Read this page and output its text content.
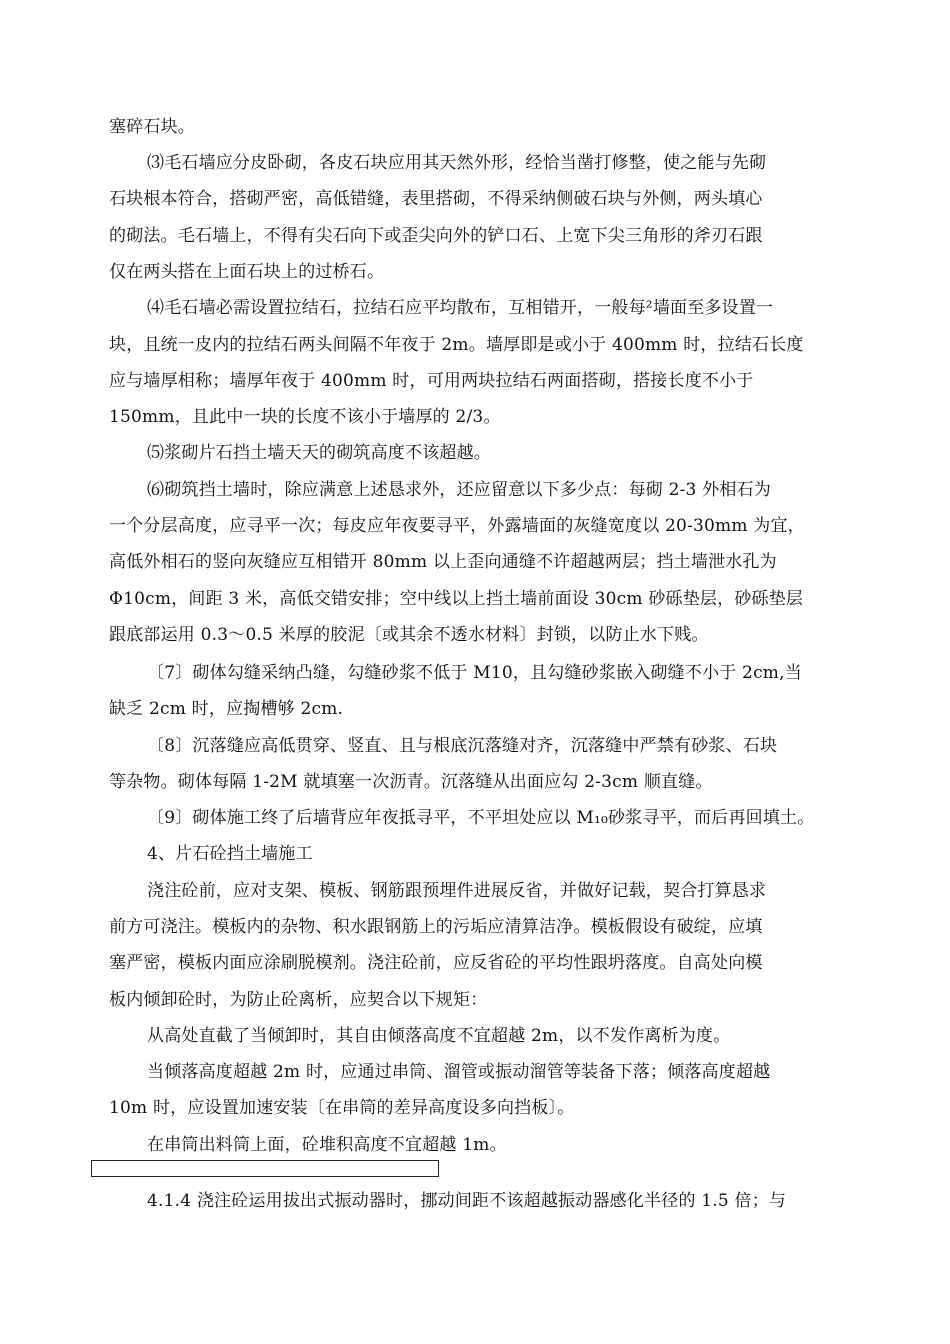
塞碎石块。
⑶毛石墙应分皮卧砌，各皮石块应用其天然外形，经恰当凿打修整，使之能与先砌
石块根本符合，搭砌严密，高低错缝，表里搭砌，不得采纳侧破石块与外侧，两头填心
的砌法。毛石墙上，不得有尖石向下或歪尖向外的铲口石、上宽下尖三角形的斧刃石跟
仅在两头搭在上面石块上的过桥石。
⑷毛石墙必需设置拉结石，拉结石应平均散布，互相错开，一般每²墙面至多设置一
块，且统一皮内的拉结石两头间隔不年夜于 2m。墙厚即是或小于 400mm 时，拉结石长度
应与墙厚相称；墙厚年夜于 400mm 时，可用两块拉结石两面搭砌，搭接长度不小于
150mm，且此中一块的长度不该小于墙厚的 2/3。
⑸浆砌片石挡土墙天天的砌筑高度不该超越。
⑹砌筑挡土墙时，除应满意上述恳求外，还应留意以下多少点：每砌 2-3 外相石为
一个分层高度，应寻平一次；每皮应年夜要寻平，外露墙面的灰缝宽度以 20-30mm 为宜，
高低外相石的竖向灰缝应互相错开 80mm 以上歪向通缝不许超越两层；挡土墙泄水孔为
Φ10cm，间距 3 米，高低交错安排；空中线以上挡土墙前面设 30cm 砂砾垫层，砂砾垫层
跟底部运用 0.3～0.5 米厚的胶泥〔或其余不透水材料〕封锁，以防止水下贱。
〔7〕砌体勾缝采纳凸缝，勾缝砂浆不低于 M10，且勾缝砂浆嵌入砌缝不小于 2cm,当
缺乏 2cm 时，应掏槽够 2cm.
〔8〕沉落缝应高低贯穿、竖直、且与根底沉落缝对齐，沉落缝中严禁有砂浆、石块
等杂物。砌体每隔 1-2M 就填塞一次沥青。沉落缝从出面应勾 2-3cm 顺直缝。
〔9〕砌体施工终了后墙背应年夜抵寻平，不平坦处应以 M₁₀砂浆寻平，而后再回填土。
4、片石砼挡土墙施工
浇注砼前，应对支架、模板、钢筋跟预埋件进展反省，并做好记载，契合打算恳求
前方可浇注。模板内的杂物、积水跟钢筋上的污垢应清算洁净。模板假设有破绽，应填
塞严密，模板内面应涂刷脱模剂。浇注砼前，应反省砼的平均性跟坍落度。自高处向模
板内倾卸砼时，为防止砼离析，应契合以下规矩：
从高处直截了当倾卸时，其自由倾落高度不宜超越 2m，以不发作离析为度。
当倾落高度超越 2m 时，应通过串筒、溜管或振动溜管等装备下落；倾落高度超越
10m 时，应设置加速安装〔在串筒的差异高度设多向挡板〕。
在串筒出料筒上面，砼堆积高度不宜超越 1m。
4.1.4 浇注砼运用拔出式振动器时，挪动间距不该超越振动器感化半径的 1.5 倍；与
